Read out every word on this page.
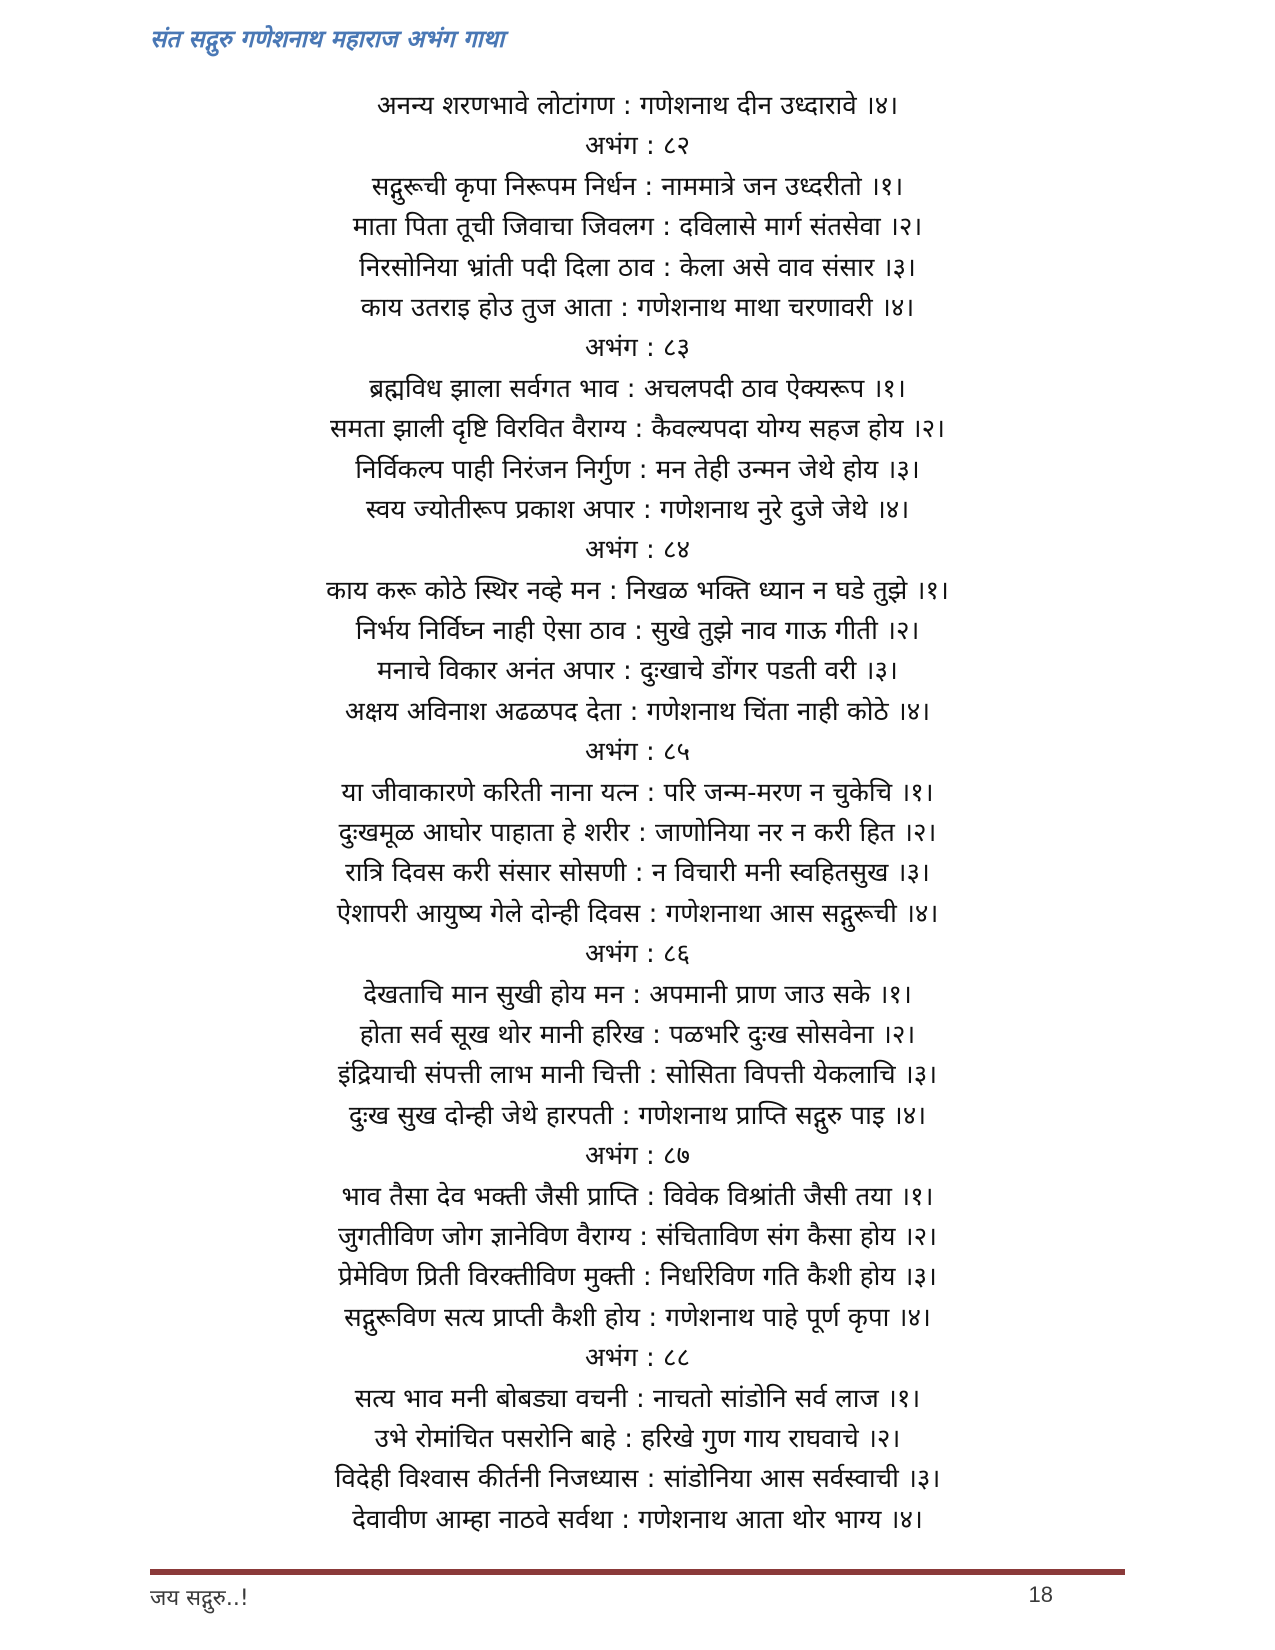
संत सद्गुरु गणेशनाथ महाराज अभंग गाथा
अनन्य शरणभावे लोटांगण : गणेशनाथ दीन उध्दारावे ।४।
अभंग : ८२
सद्गुरूची कृपा निरूपम निर्धन : नाममात्रे जन उध्दरीतो ।१।
माता पिता तूची जिवाचा जिवलग : दविलासे मार्ग संतसेवा ।२।
निरसोनिया भ्रांती पदी दिला ठाव : केला असे वाव संसार ।३।
काय उतराइ होउ तुज आता : गणेशनाथ माथा चरणावरी ।४।
अभंग : ८३
ब्रह्मविध झाला सर्वगत भाव : अचलपदी ठाव ऐक्यरूप ।१।
समता झाली दृष्टि विरवित वैराग्य : कैवल्यपदा योग्य सहज होय ।२।
निर्विकल्प पाही निरंजन निर्गुण : मन तेही उन्मन जेथे होय ।३।
स्वय ज्योतीरूप प्रकाश अपार : गणेशनाथ नुरे दुजे जेथे ।४।
अभंग : ८४
काय करू कोठे स्थिर नव्हे मन : निखळ भक्ति ध्यान न घडे तुझे ।१।
निर्भय निर्विघ्न नाही ऐसा ठाव : सुखे तुझे नाव गाऊ गीती ।२।
मनाचे विकार अनंत अपार : दुःखाचे डोंगर पडती वरी ।३।
अक्षय अविनाश अढळपद देता : गणेशनाथ चिंता नाही कोठे ।४।
अभंग : ८५
या जीवाकारणे करिती नाना यत्न : परि जन्म-मरण न चुकेचि ।१।
दुःखमूळ आघोर पाहाता हे शरीर : जाणोनिया नर न करी हित ।२।
रात्रि दिवस करी संसार सोसणी : न विचारी मनी स्वहितसुख ।३।
ऐशापरी आयुष्य गेले दोन्ही दिवस : गणेशनाथा आस सद्गुरूची ।४।
अभंग : ८६
देखताचि मान सुखी होय मन : अपमानी प्राण जाउ सके ।१।
होता सर्व सूख थोर मानी हरिख : पळभरि दुःख सोसवेना ।२।
इंद्रियाची संपत्ती लाभ मानी चित्ती : सोसिता विपत्ती येकलाचि ।३।
दुःख सुख दोन्ही जेथे हारपती : गणेशनाथ प्राप्ति सद्गुरु पाइ ।४।
अभंग : ८७
भाव तैसा देव भक्ती जैसी प्राप्ति : विवेक विश्रांती जैसी तया ।१।
जुगतीविण जोग ज्ञानेविण वैराग्य : संचिताविण संग कैसा होय ।२।
प्रेमेविण प्रिती विरक्तीविण मुक्ती : निर्धारेविण गति कैशी होय ।३।
सद्गुरूविण सत्य प्राप्ती कैशी होय : गणेशनाथ पाहे पूर्ण कृपा ।४।
अभंग : ८८
सत्य भाव मनी बोबड्या वचनी : नाचतो सांडोनि सर्व लाज ।१।
उभे रोमांचित पसरोनि बाहे : हरिखे गुण गाय राघवाचे ।२।
विदेही विश्वास कीर्तनी निजध्यास : सांडोनिया आस सर्वस्वाची ।३।
देवावीण आम्हा नाठवे सर्वथा : गणेशनाथ आता थोर भाग्य ।४।
जय सद्गुरु..!	18
